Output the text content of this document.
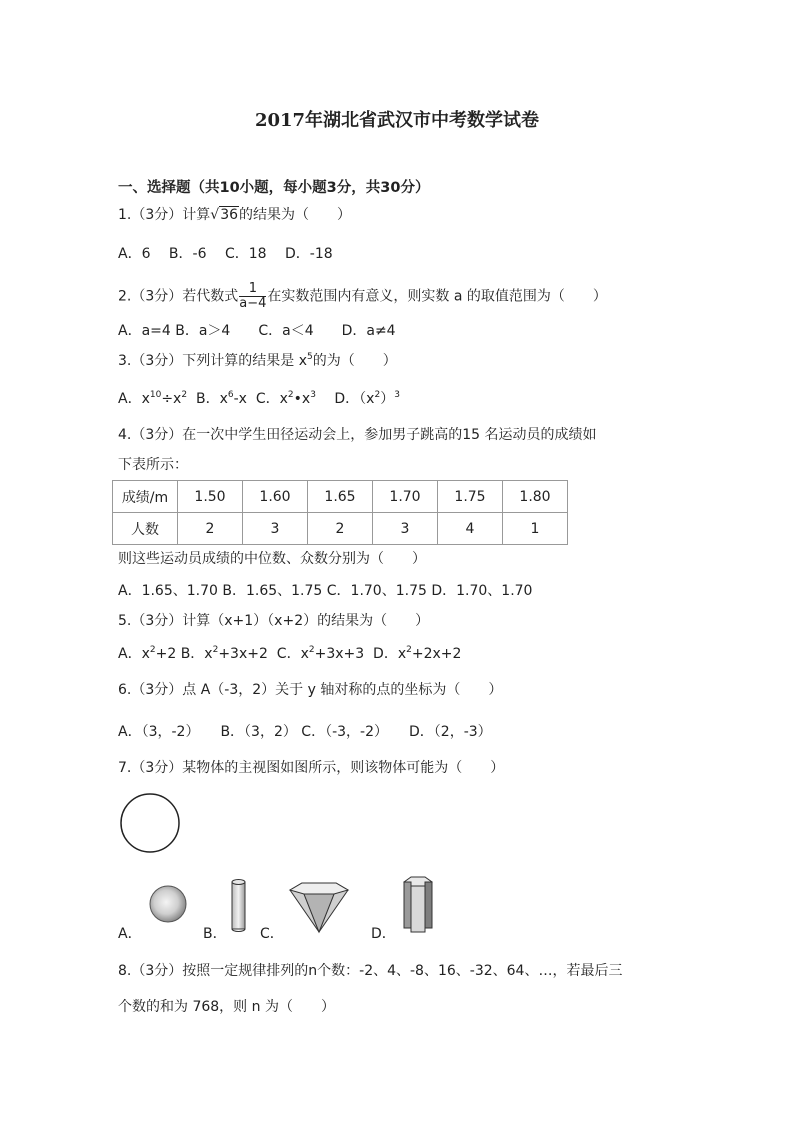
2017年湖北省武汉市中考数学试卷
一、选择题（共10小题，每小题3分，共30分）
1.（3分）计算√36的结果为（　　）
A．6　 B．-6　 C．18　 D．-18
2.（3分）若代数式 $\frac{1}{a-4}$ 在实数范围内有意义，则实数 a 的取值范围为（　　）
A．a=4 B．a＞4　　C．a＜4　　D．a≠4
3.（3分）下列计算的结果是 $x^5$的为（　　）
A．$x^{10}\div x^2$  B．$x^6-x$  C．$x^2•x^3$　 D．$(x^2)^3$
4.（3分）在一次中学生田径运动会上，参加男子跳高的15 名运动员的成绩如
下表所示：
成绩/m	1.50	1.60	1.65	1.70	1.75	1.80
人数	2	3	2	3	4	1
则这些运动员成绩的中位数、众数分别为（　　）
A．1.65、1.70 B．1.65、1.75 C．1.70、1.75 D．1.70、1.70
5.（3分）计算（x+1）（x+2）的结果为（　　）
A．$x^2+2$ B．$x^2+3x+2$  C．$x^2+3x+3$  D．$x^2+2x+2$
6.（3分）点 A（-3，2）关于 y 轴对称的点的坐标为（　　）
A．（3，-2）　　B．（3，2） C．（-3，-2）　　D．（2，-3）
7.（3分）某物体的主视图如图所示，则该物体可能为（　　）
A．	B． C．	D．
8.（3分）按照一定规律排列的n个数：-2、4、-8、16、-32、64、…，若最后三
个数的和为 768，则 n 为（　　）
